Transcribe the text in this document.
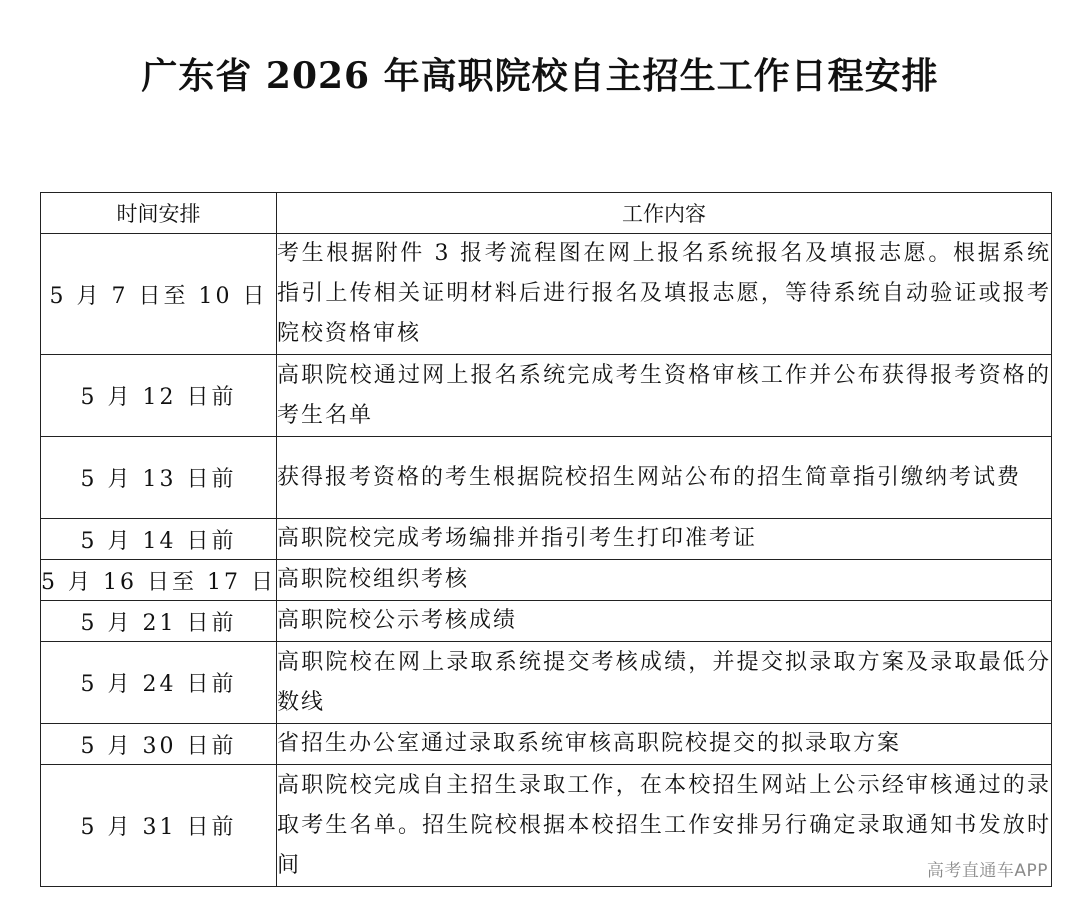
广东省 2026 年高职院校自主招生工作日程安排
时间安排	工作内容
5 月 7 日至 10 日	考生根据附件 3 报考流程图在网上报名系统报名及填报志愿。根据系统指引上传相关证明材料后进行报名及填报志愿，等待系统自动验证或报考院校资格审核
5 月 12 日前	高职院校通过网上报名系统完成考生资格审核工作并公布获得报考资格的考生名单
5 月 13 日前	获得报考资格的考生根据院校招生网站公布的招生简章指引缴纳考试费
5 月 14 日前	高职院校完成考场编排并指引考生打印准考证
5 月 16 日至 17 日	高职院校组织考核
5 月 21 日前	高职院校公示考核成绩
5 月 24 日前	高职院校在网上录取系统提交考核成绩，并提交拟录取方案及录取最低分数线
5 月 30 日前	省招生办公室通过录取系统审核高职院校提交的拟录取方案
5 月 31 日前	高职院校完成自主招生录取工作，在本校招生网站上公示经审核通过的录取考生名单。招生院校根据本校招生工作安排另行确定录取通知书发放时间	高考直通车APP
